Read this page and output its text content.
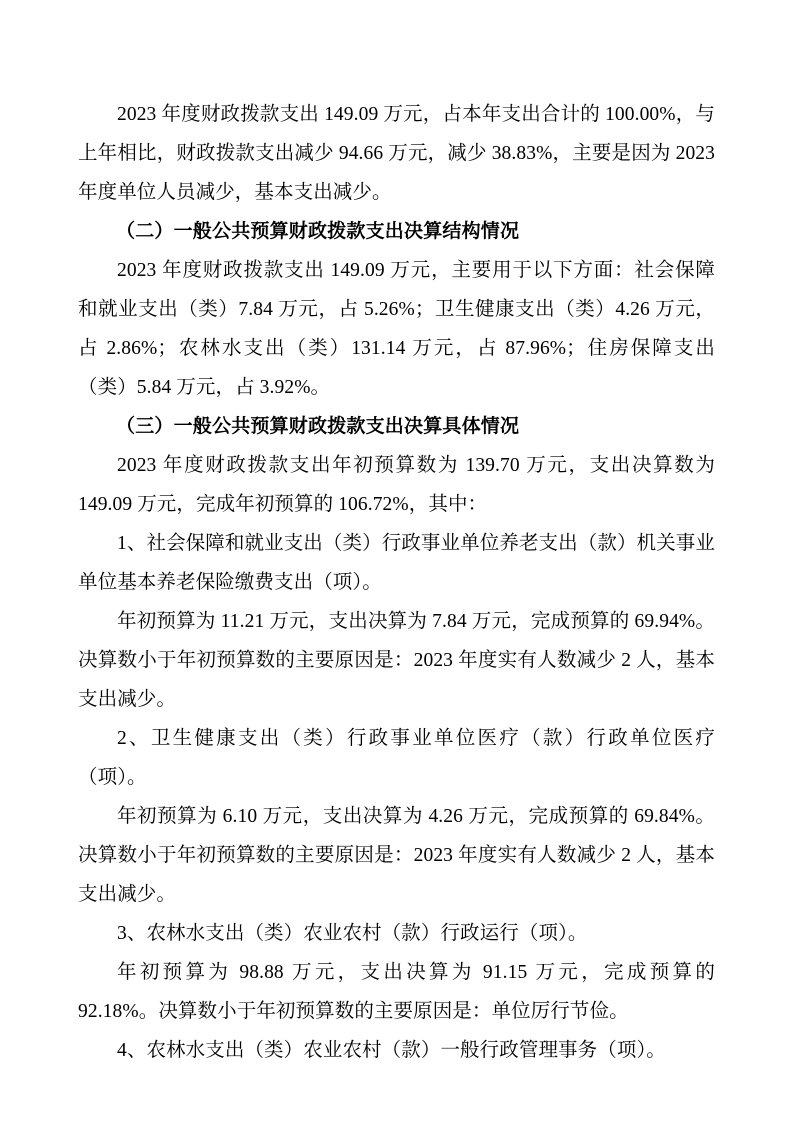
2023 年度财政拨款支出 149.09 万元，占本年支出合计的 100.00%，与上年相比，财政拨款支出减少 94.66 万元，减少 38.83%，主要是因为 2023 年度单位人员减少，基本支出减少。

（二）一般公共预算财政拨款支出决算结构情况

2023 年度财政拨款支出 149.09 万元，主要用于以下方面：社会保障和就业支出（类）7.84 万元，占 5.26%；卫生健康支出（类）4.26 万元，占 2.86%；农林水支出（类）131.14 万元，占 87.96%；住房保障支出（类）5.84 万元，占 3.92%。

（三）一般公共预算财政拨款支出决算具体情况

2023 年度财政拨款支出年初预算数为 139.70 万元，支出决算数为 149.09 万元，完成年初预算的 106.72%，其中：

1、社会保障和就业支出（类）行政事业单位养老支出（款）机关事业单位基本养老保险缴费支出（项）。

年初预算为 11.21 万元，支出决算为 7.84 万元，完成预算的 69.94%。决算数小于年初预算数的主要原因是：2023 年度实有人数减少 2 人，基本支出减少。

2、卫生健康支出（类）行政事业单位医疗（款）行政单位医疗（项）。

年初预算为 6.10 万元，支出决算为 4.26 万元，完成预算的 69.84%。决算数小于年初预算数的主要原因是：2023 年度实有人数减少 2 人，基本支出减少。

3、农林水支出（类）农业农村（款）行政运行（项）。

年初预算为 98.88 万元，支出决算为 91.15 万元，完成预算的 92.18%。决算数小于年初预算数的主要原因是：单位厉行节俭。

4、农林水支出（类）农业农村（款）一般行政管理事务（项）。
